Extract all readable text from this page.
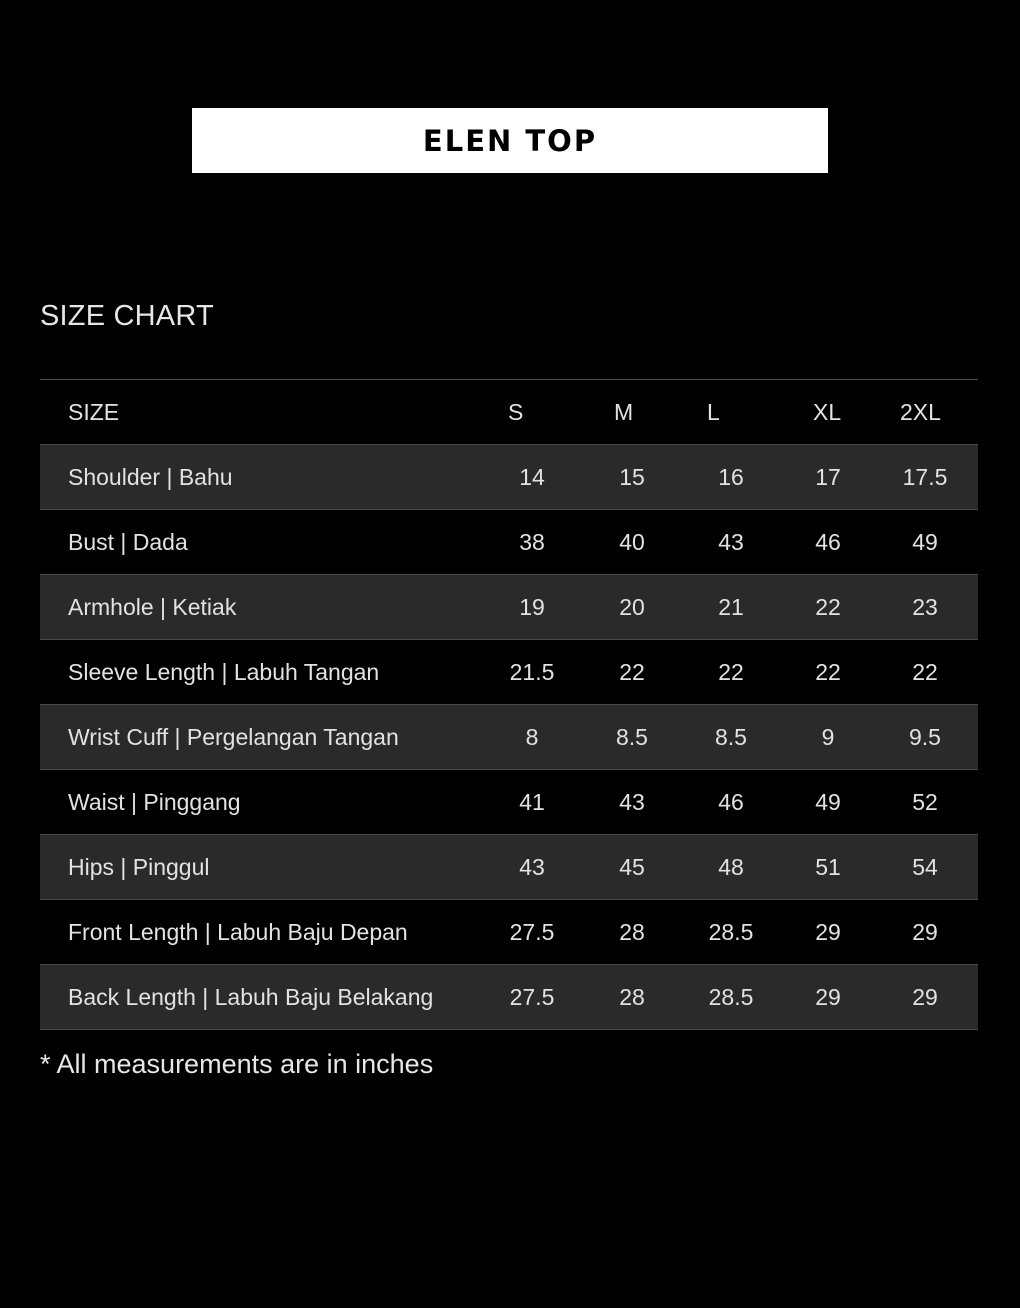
ELEN TOP
SIZE CHART
SIZE	S	M	L	XL	2XL
Shoulder | Bahu	14	15	16	17	17.5
Bust | Dada	38	40	43	46	49
Armhole | Ketiak	19	20	21	22	23
Sleeve Length | Labuh Tangan	21.5	22	22	22	22
Wrist Cuff | Pergelangan Tangan	8	8.5	8.5	9	9.5
Waist | Pinggang	41	43	46	49	52
Hips | Pinggul	43	45	48	51	54
Front Length | Labuh Baju Depan	27.5	28	28.5	29	29
Back Length | Labuh Baju Belakang	27.5	28	28.5	29	29
* All measurements are in inches
